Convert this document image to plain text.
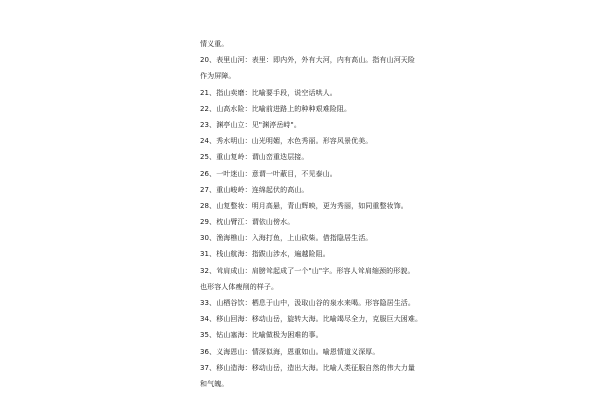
情义重。
20、表里山河：表里：即内外，外有大河，内有高山。指有山河天险
作为屏障。
21、指山卖磨：比喻要手段，说空话哄人。
22、山高水险：比喻前进路上的种种艰难险阻。
23、渊亭山立：见"渊渟岳峙"。
24、秀水明山：山光明媚，水色秀丽。形容风景优美。
25、重山复岭：谓山峦重迭层接。
26、一叶迷山：意谓一叶蔽目，不见泰山。
27、重山峻岭：连绵起伏的高山。
28、山复整妆：明月高悬，青山辉映，更为秀丽，如同重整妆饰。
29、枕山臂江：谓依山傍水。
30、渔海樵山：入海打鱼，上山砍柴。借指隐居生活。
31、栈山航海：指跋山涉水，遍越险阻。
32、耸肩成山：肩膀耸起成了一个"山"字。形容人耸肩缩颈的形貌。
也形容人体瘦削的样子。
33、山栖谷饮：栖息于山中，汲取山谷的泉水来喝。形容隐居生活。
34、移山回海：移动山岳，旋转大海。比喻竭尽全力，克服巨大困难。
35、钻山塞海：比喻做极为困难的事。
36、义海恩山：情深似海，恩重如山。喻恩情道义深厚。
37、移山造海：移动山岳，造出大海。比喻人类征服自然的伟大力量
和气魄。
